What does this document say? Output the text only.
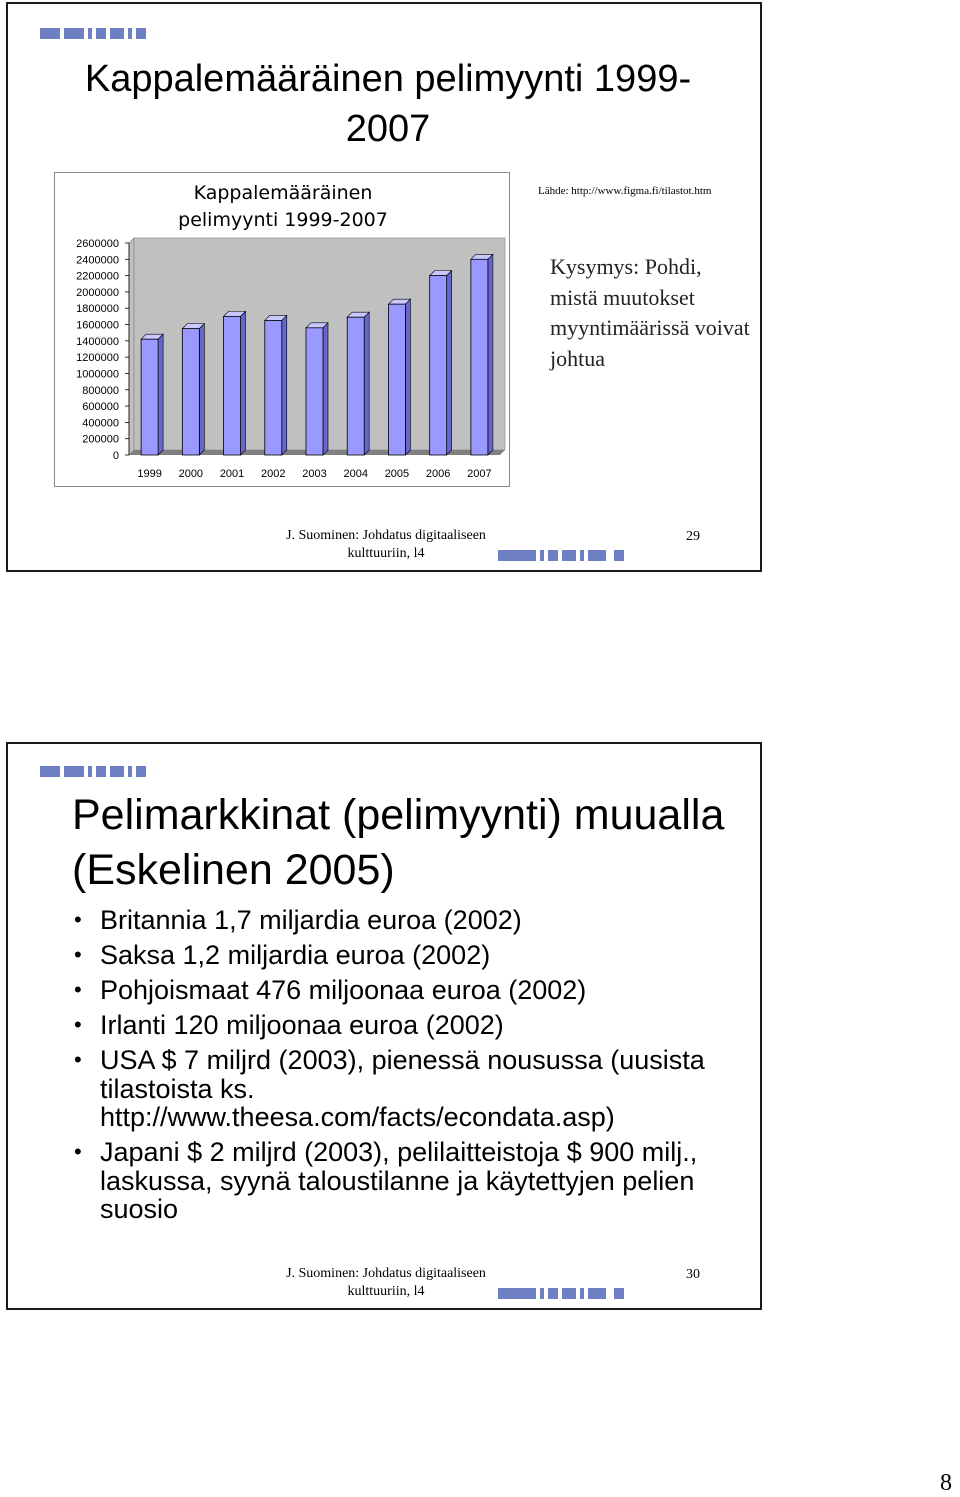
Kappalemääräinen pelimyynti 1999-2007
Kappalemääräinen
pelimyynti 1999-2007
0
200000
400000
600000
800000
1000000
1200000
1400000
1600000
1800000
2000000
2200000
2400000
2600000
1999 2000 2001 2002 2003 2004 2005 2006 2007
Lähde: http://www.figma.fi/tilastot.htm
Kysymys: Pohdi, mistä muutokset myyntimäärissä voivat johtua
J. Suominen: Johdatus digitaaliseen kulttuuriin, l4
29
Pelimarkkinat (pelimyynti) muualla (Eskelinen 2005)
• Britannia 1,7 miljardia euroa (2002)
• Saksa 1,2 miljardia euroa (2002)
• Pohjoismaat 476 miljoonaa euroa (2002)
• Irlanti 120 miljoonaa euroa (2002)
• USA $ 7 miljrd (2003), pienessä nousussa (uusista tilastoista ks. http://www.theesa.com/facts/econdata.asp)
• Japani $ 2 miljrd (2003), pelilaitteistoja $ 900 milj., laskussa, syynä taloustilanne ja käytettyjen pelien suosio
J. Suominen: Johdatus digitaaliseen kulttuuriin, l4
30
8
